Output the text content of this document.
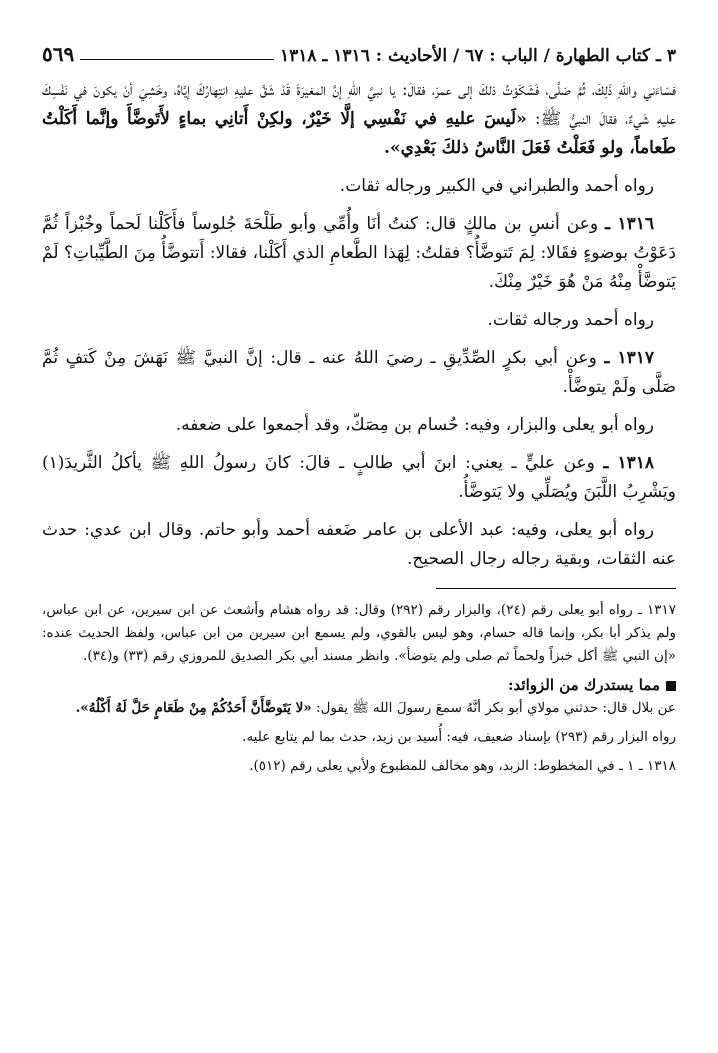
٣ ـ كتاب الطهارة / الباب : ٦٧ / الأحاديث : ١٣١٦ ـ ١٣١٨
٥٦٩

فسَاءَني واللهِ ذَلِكَ، ثُمَّ صَلَّى، فَشَكَوْتُ ذلكَ إلى عمرَ، فقالَ: يا نبيَّ اللهِ إنَّ المغيرَةَ قَدْ شَقَّ عليهِ انتِهارُكَ إيَّاهُ، وخَشِيَ أنْ يكونَ في نَفْسِكَ عليهِ شَيءٌ، فقالَ النبيُّ ﷺ: «لَيسَ عليهِ في نَفْسِي إلَّا خَيْرٌ، ولكِنْ أَتانِي بماءٍ لأَتَوضَّأَ وإنَّما أَكَلْتُ طَعاماً، ولو فَعَلْتُ فَعَلَ النَّاسُ ذلكَ بَعْدِي».

رواه أحمد والطبراني في الكبير ورجاله ثقات.

١٣١٦ ـ وعن أنسِ بن مالكٍ قال: كنتُ أنَا وأُمِّي وأبو طَلْحَةَ جُلوساً فأَكَلْنا لَحماً وخُبْزاً ثُمَّ دَعَوْتُ بوضوءٍ فقَالا: لِمَ تَتوضَّأُ؟ فقلتُ: لِهَذا الطَّعامِ الذي أَكَلْنا، فقالا: أَتتوضَّأُ مِنَ الطَّيِّباتِ؟ لَمْ يَتوضَّأْ مِنْهُ مَنْ هُوَ خَيْرٌ مِنْكَ.

رواه أحمد ورجاله ثقات.

١٣١٧ ـ وعن أبي بكرٍ الصِّدِّيقِ ـ رضيَ اللهُ عنه ـ قال: إنَّ النبيَّ ﷺ نَهَشَ مِنْ كَتفٍ ثُمَّ صَلَّى ولَمْ يتوضَّأْ.

رواه أبو يعلى والبزار، وفيه: حُسام بن مِصَكّ، وقد أجمعوا على ضعفه.

١٣١٨ ـ وعن عليٍّ ـ يعني: ابنَ أبي طالبٍ ـ قالَ: كانَ رسولُ اللهِ ﷺ يأكلُ الثَّريدَ(١) ويَشْرِبُ اللَّبَنَ ويُصَلِّي ولا يَتوضَّأُ.

رواه أبو يعلى، وفيه: عبد الأعلى بن عامر ضَعفه أحمد وأبو حاتم. وقال ابن عدي: حدث عنه الثقات، وبقية رجاله رجال الصحيح.

١٣١٧ ـ رواه أبو يعلى رقم (٢٤)، والبزار رقم (٢٩٢) وقال: قد رواه هشام وأشعث عن ابن سيرين، عن ابن عباس، ولم يذكر أبا بكر، وإنما قاله حسام، وهو ليس بالقوي، ولم يسمع ابن سيرين من ابن عباس، ولفظ الحديث عنده: «إن النبي ﷺ أكل خبزاً ولحماً ثم صلى ولم يتوضأ». وانظر مسند أبي بكر الصديق للمروزي رقم (٣٣) و(٣٤).

مما يستدرك من الزوائد:

عن بلال قال: حدثني مولاي أبو بكر أنَّهُ سمعَ رسولَ الله ﷺ يقول: «لا يَتَوضَّأَنَّ أَحَدُكُمْ مِنْ طَعَامٍ حَلَّ لَهُ أَكْلُهُ».

رواه البزار رقم (٢٩٣) بإسناد ضعيف، فيه: أُسيد بن زيد، حدث بما لم يتابع عليه.

١٣١٨ ـ ١ ـ في المخطوط: الزبد، وهو مخالف للمطبوع ولأبي يعلى رقم (٥١٢).
